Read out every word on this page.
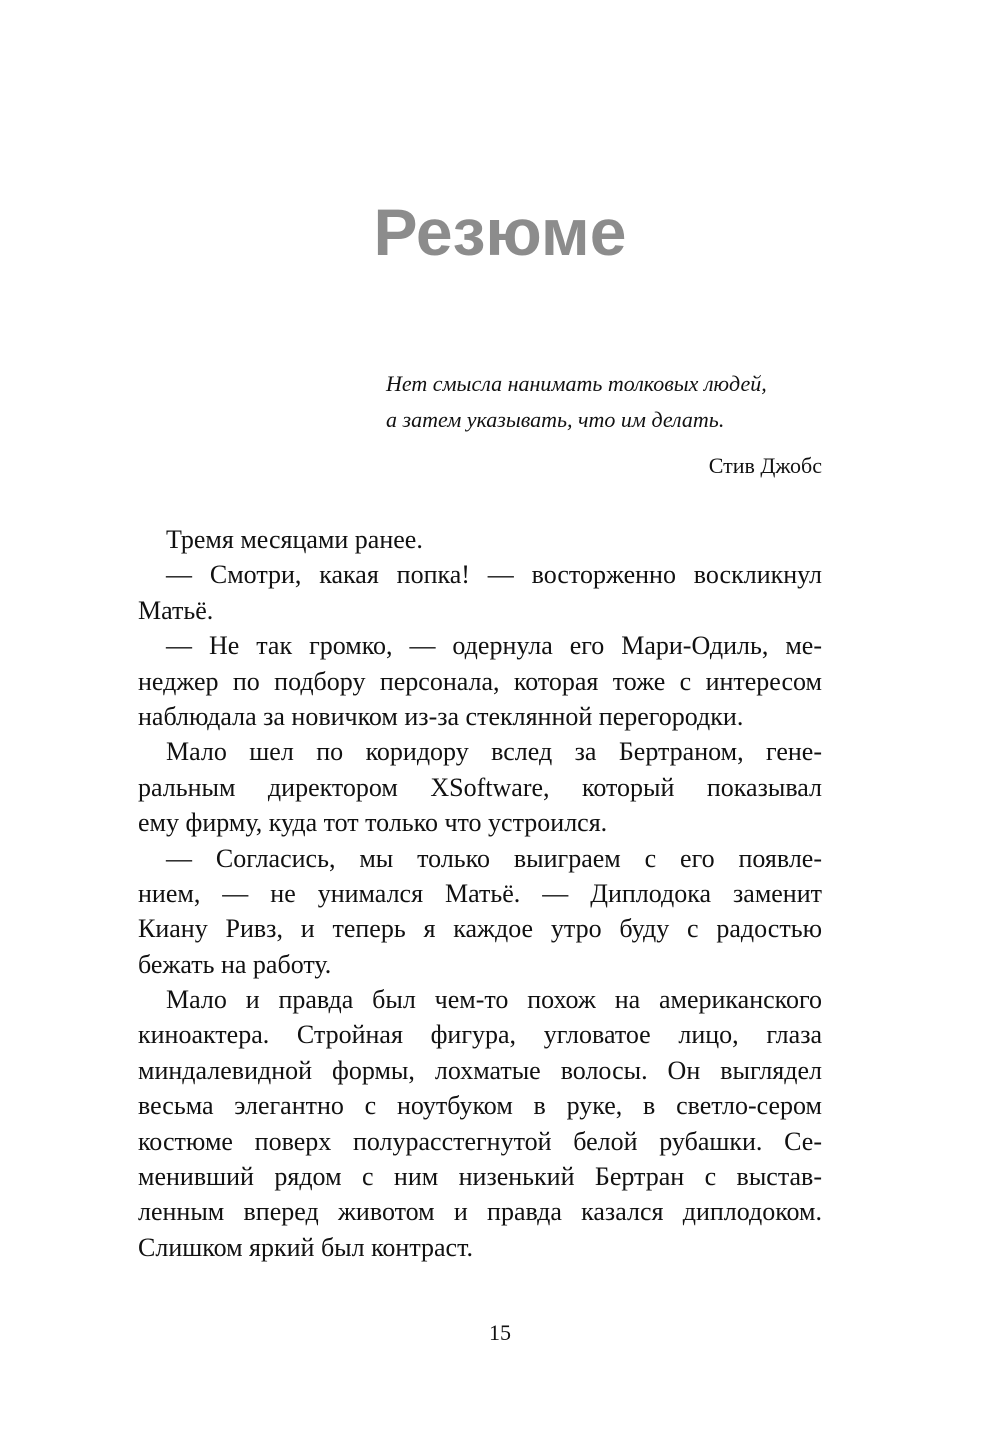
Резюме
Нет смысла нанимать толковых людей,
а затем указывать, что им делать.
Стив Джобс
Тремя месяцами ранее.
— Смотри, какая попка! — восторженно воскликнул
Матьё.
— Не так громко, — одернула его Мари-Одиль, ме-
неджер по подбору персонала, которая тоже с интересом
наблюдала за новичком из-за стеклянной перегородки.
Мало шел по коридору вслед за Бертраном, гене-
ральным директором XSoftware, который показывал
ему фирму, куда тот только что устроился.
— Согласись, мы только выиграем с его появле-
нием, — не унимался Матьё. — Диплодока заменит
Киану Ривз, и теперь я каждое утро буду с радостью
бежать на работу.
Мало и правда был чем-то похож на американского
киноактера. Стройная фигура, угловатое лицо, глаза
миндалевидной формы, лохматые волосы. Он выглядел
весьма элегантно с ноутбуком в руке, в светло-сером
костюме поверх полурасстегнутой белой рубашки. Се-
менивший рядом с ним низенький Бертран с выстав-
ленным вперед животом и правда казался диплодоком.
Слишком яркий был контраст.
15
